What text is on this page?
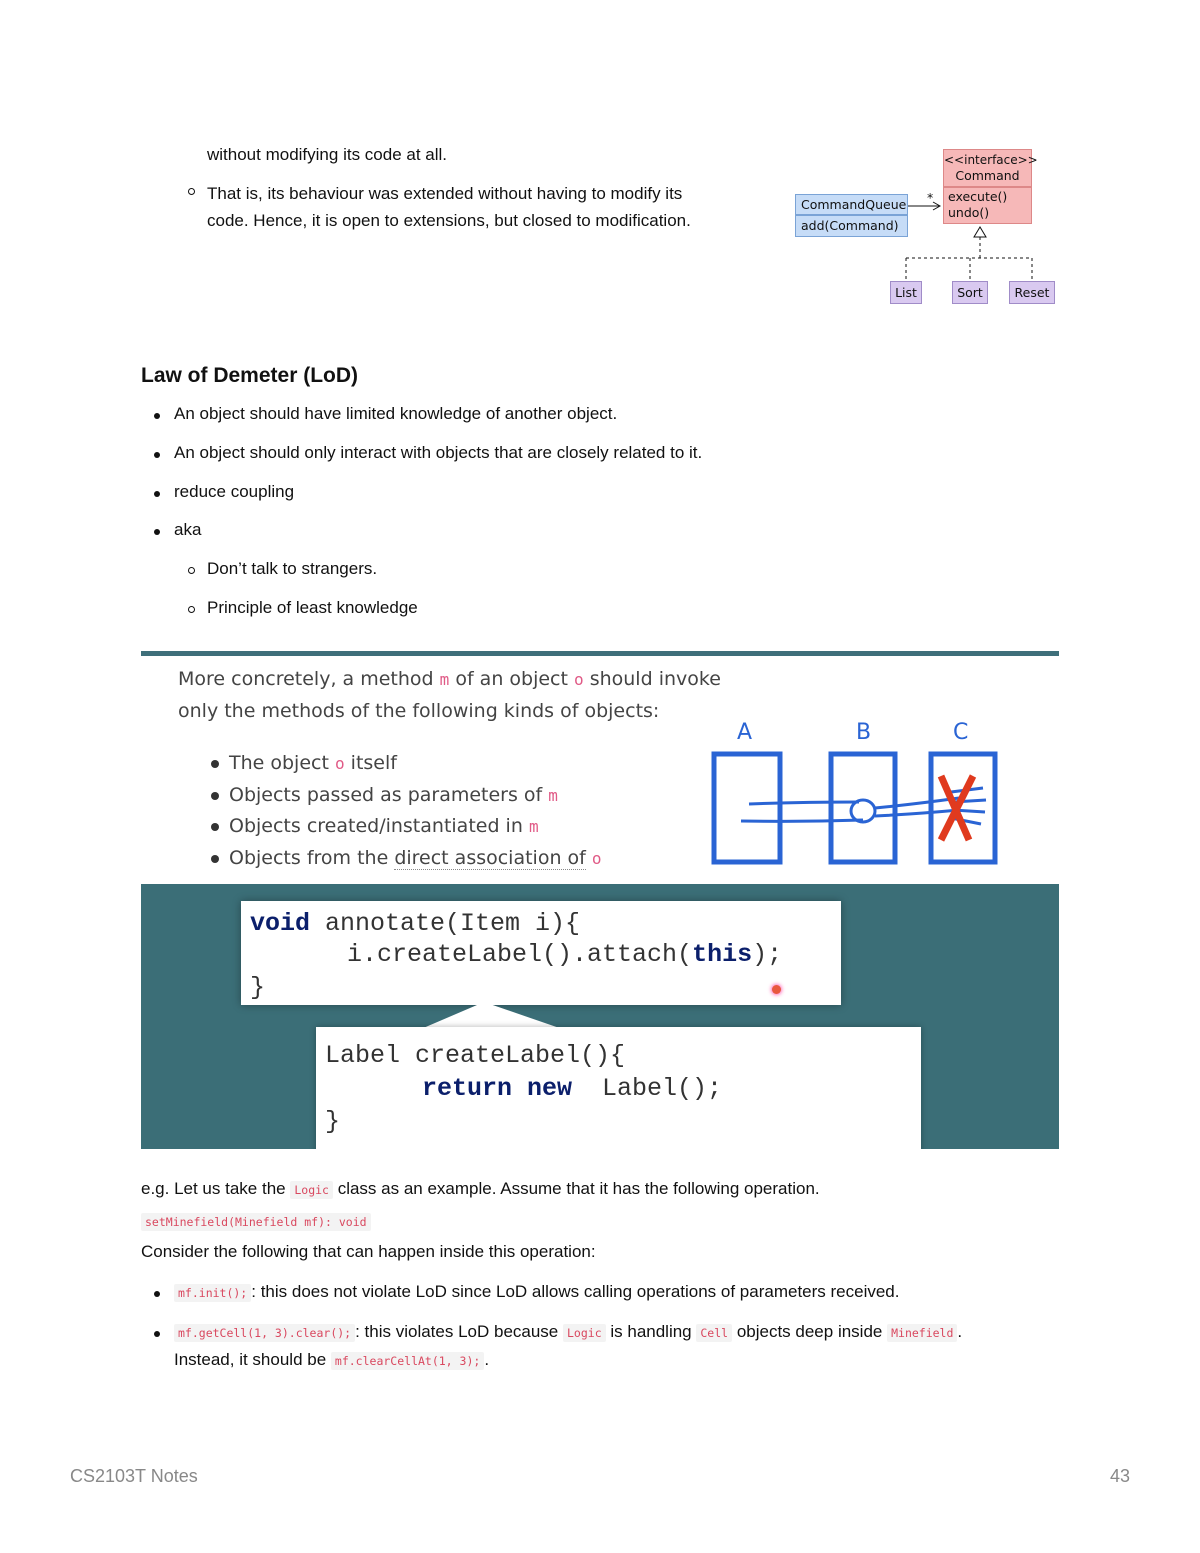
without modifying its code at all.
That is, its behaviour was extended without having to modify its
code. Hence, it is open to extensions, but closed to modification.
<<interface>>
Command
execute()
undo()
CommandQueue
add(Command)
*
List	Sort	Reset
Law of Demeter (LoD)
An object should have limited knowledge of another object.
An object should only interact with objects that are closely related to it.
reduce coupling
aka
Don’t talk to strangers.
Principle of least knowledge
More concretely, a method m of an object o should invoke
only the methods of the following kinds of objects:
The object o itself
Objects passed as parameters of m
Objects created/instantiated in m
Objects from the direct association of o
A	B	C
void annotate(Item i){
i.createLabel().attach(this);
}
Label createLabel(){
return new  Label();
}
e.g. Let us take the Logic class as an example. Assume that it has the following operation.
setMinefield(Minefield mf): void
Consider the following that can happen inside this operation:
mf.init(); : this does not violate LoD since LoD allows calling operations of parameters received.
mf.getCell(1, 3).clear(); : this violates LoD because Logic is handling Cell objects deep inside Minefield .
Instead, it should be mf.clearCellAt(1, 3); .
CS2103T Notes	43
